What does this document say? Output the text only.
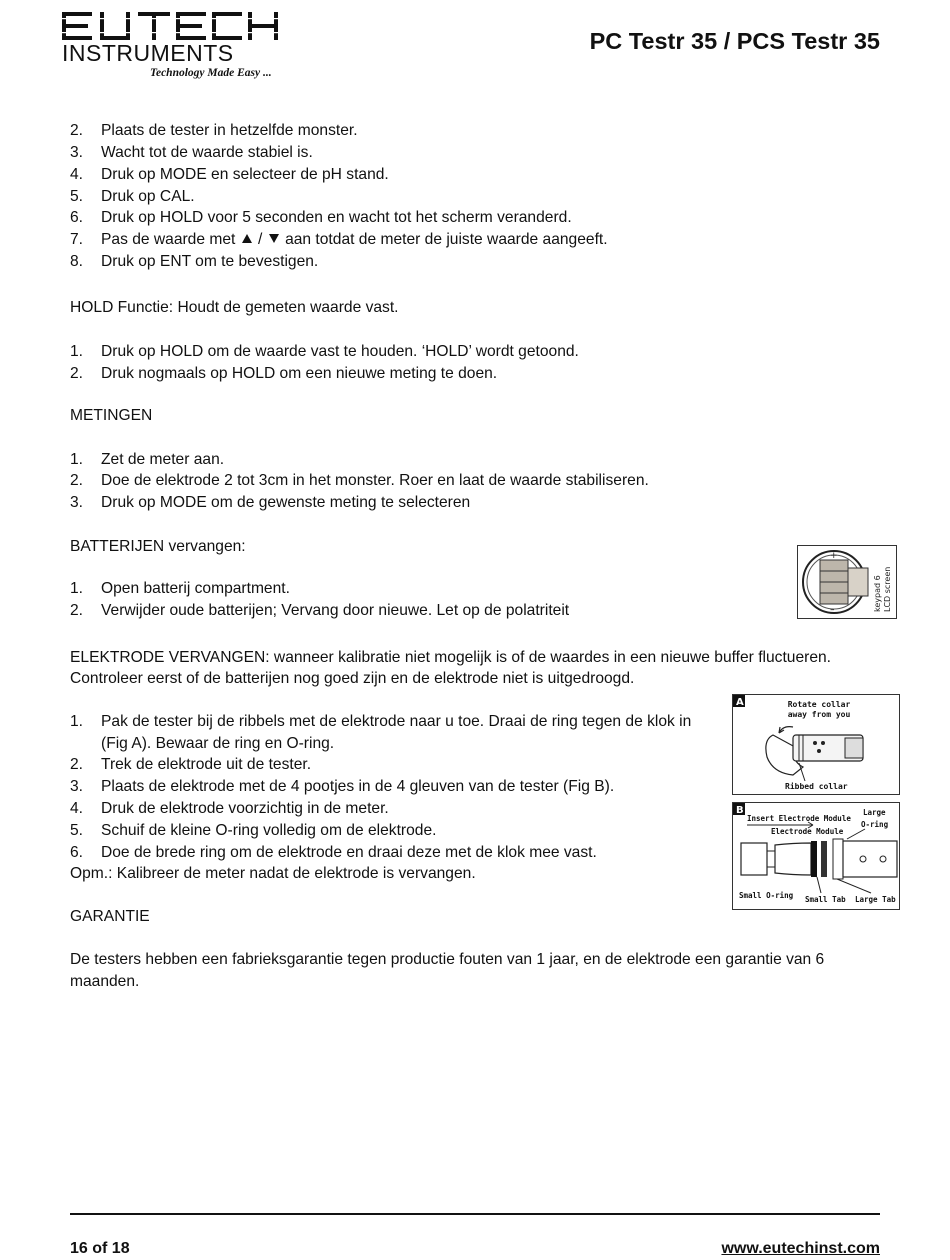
INSTRUMENTS
Technology Made Easy ...
PC Testr 35 / PCS Testr 35
2. Plaats de tester in hetzelfde monster.
3. Wacht tot de waarde stabiel is.
4. Druk op MODE en selecteer de pH stand.
5. Druk op CAL.
6. Druk op HOLD voor 5 seconden en wacht tot het scherm veranderd.
7. Pas de waarde met / aan totdat de meter de juiste waarde aangeeft.
8. Druk op ENT om te bevestigen.
HOLD Functie: Houdt de gemeten waarde vast.
1. Druk op HOLD om de waarde vast te houden. ‘HOLD’ wordt getoond.
2. Druk nogmaals op HOLD om een nieuwe meting te doen.
METINGEN
1. Zet de meter aan.
2. Doe de elektrode 2 tot 3cm in het monster. Roer en laat de waarde stabiliseren.
3. Druk op MODE om de gewenste meting te selecteren
BATTERIJEN vervangen:
1. Open batterij compartment.
2. Verwijder oude batterijen; Vervang door nieuwe. Let op de polatriteit
+
–	keypad 6 LCD screen
ELEKTRODE VERVANGEN: wanneer kalibratie niet mogelijk is of de waardes in een nieuwe buffer fluctueren.
Controleer eerst of de batterijen nog goed zijn en de elektrode niet is uitgedroogd.
1. Pak de tester bij de ribbels met de elektrode naar u toe. Draai de ring tegen de klok in
(Fig A). Bewaar de ring en O-ring.
2. Trek de elektrode uit de tester.
3. Plaats de elektrode met de 4 pootjes in de 4 gleuven van de tester (Fig B).
4. Druk de elektrode voorzichtig in de meter.
5. Schuif de kleine O-ring volledig om de elektrode.
6. Doe de brede ring om de elektrode en draai deze met de klok mee vast.
Opm.: Kalibreer de meter nadat de elektrode is vervangen.
A	Rotate collar
away from you
Ribbed collar
B
Insert Electrode Module
Electrode Module
Large
O-ring
Small O-ring Small Tab Large Tab
GARANTIE
De testers hebben een fabrieksgarantie tegen productie fouten van 1 jaar, en de elektrode een garantie van 6
maanden.
16 of 18	www.eutechinst.com
